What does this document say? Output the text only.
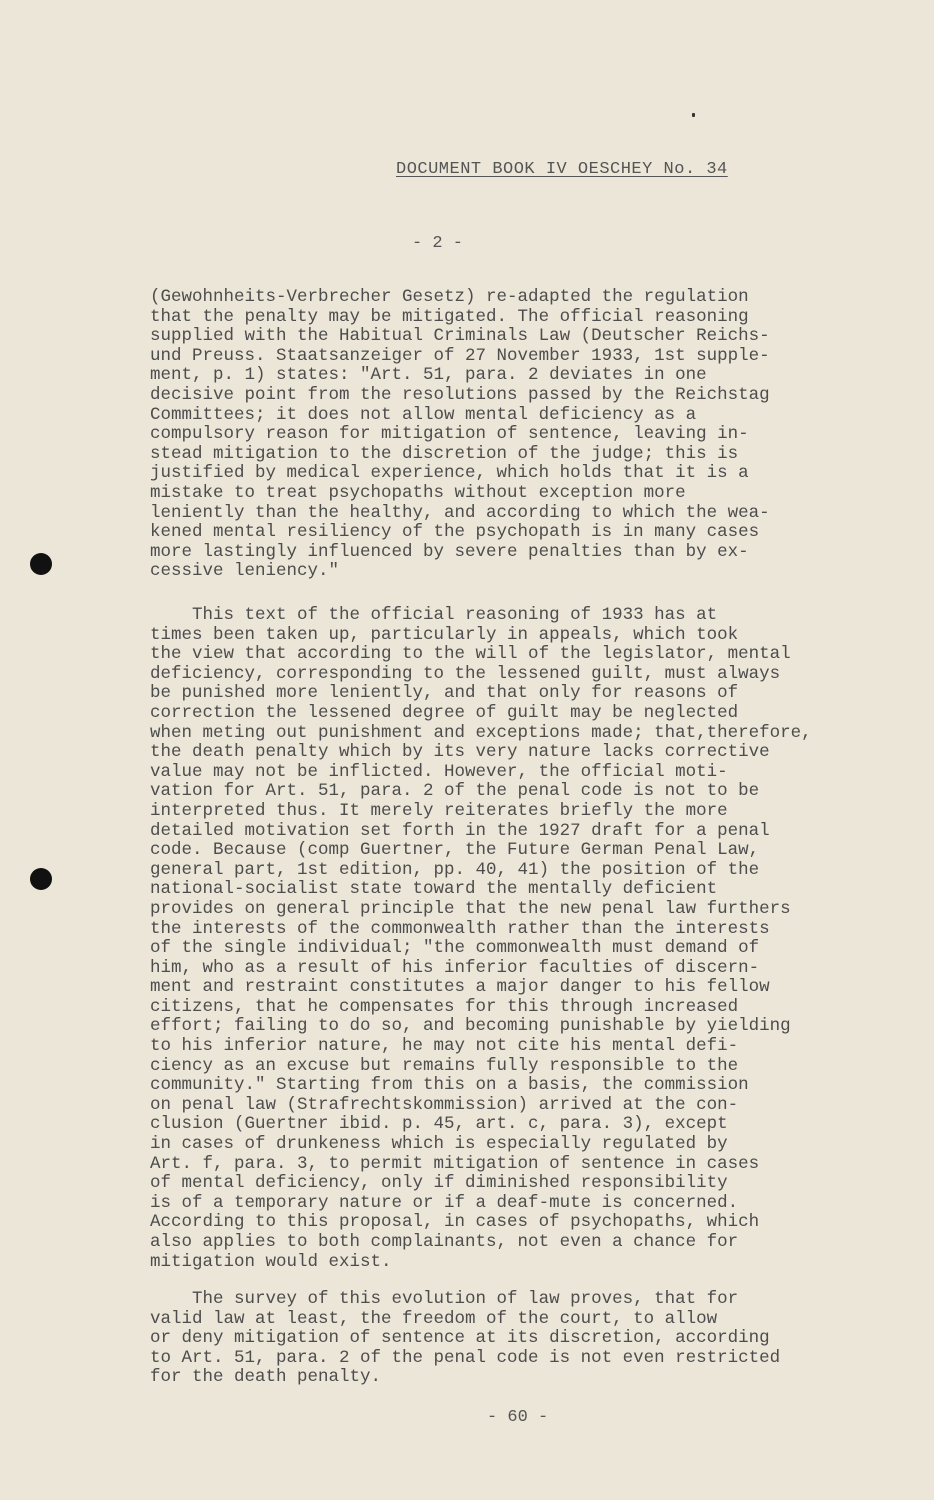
DOCUMENT BOOK IV OESCHEY No. 34
- 2 -
(Gewohnheits-Verbrecher Gesetz) re-adapted the regulation
that the penalty may be mitigated. The official reasoning
supplied with the Habitual Criminals Law (Deutscher Reichs-
und Preuss. Staatsanzeiger of 27 November 1933, 1st supple-
ment, p. 1) states: "Art. 51, para. 2 deviates in one
decisive point from the resolutions passed by the Reichstag
Committees; it does not allow mental deficiency as a
compulsory reason for mitigation of sentence, leaving in-
stead mitigation to the discretion of the judge; this is
justified by medical experience, which holds that it is a
mistake to treat psychopaths without exception more
leniently than the healthy, and according to which the wea-
kened mental resiliency of the psychopath is in many cases
more lastingly influenced by severe penalties than by ex-
cessive leniency."
This text of the official reasoning of 1933 has at
times been taken up, particularly in appeals, which took
the view that according to the will of the legislator, mental
deficiency, corresponding to the lessened guilt, must always
be punished more leniently, and that only for reasons of
correction the lessened degree of guilt may be neglected
when meting out punishment and exceptions made; that,therefore,
the death penalty which by its very nature lacks corrective
value may not be inflicted. However, the official moti-
vation for Art. 51, para. 2 of the penal code is not to be
interpreted thus. It merely reiterates briefly the more
detailed motivation set forth in the 1927 draft for a penal
code. Because (comp Guertner, the Future German Penal Law,
general part, 1st edition, pp. 40, 41) the position of the
national-socialist state toward the mentally deficient
provides on general principle that the new penal law furthers
the interests of the commonwealth rather than the interests
of the single individual; "the commonwealth must demand of
him, who as a result of his inferior faculties of discern-
ment and restraint constitutes a major danger to his fellow
citizens, that he compensates for this through increased
effort; failing to do so, and becoming punishable by yielding
to his inferior nature, he may not cite his mental defi-
ciency as an excuse but remains fully responsible to the
community." Starting from this on a basis, the commission
on penal law (Strafrechtskommission) arrived at the con-
clusion (Guertner ibid. p. 45, art. c, para. 3), except
in cases of drunkeness which is especially regulated by
Art. f, para. 3, to permit mitigation of sentence in cases
of mental deficiency, only if diminished responsibility
is of a temporary nature or if a deaf-mute is concerned.
According to this proposal, in cases of psychopaths, which
also applies to both complainants, not even a chance for
mitigation would exist.
The survey of this evolution of law proves, that for
valid law at least, the freedom of the court, to allow
or deny mitigation of sentence at its discretion, according
to Art. 51, para. 2 of the penal code is not even restricted
for the death penalty.
- 60 -
